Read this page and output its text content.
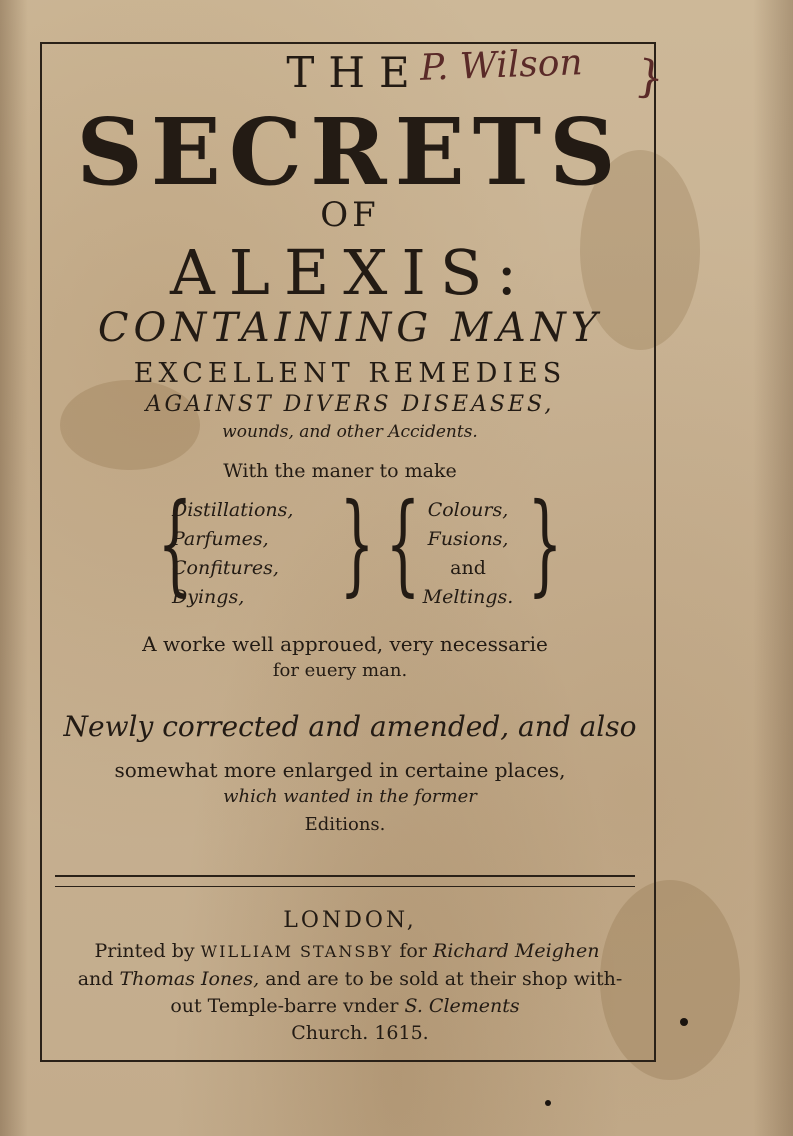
THE
P. Wilson }
SECRETS
OF
ALEXIS:
CONTAINING MANY
EXCELLENT REMEDIES
AGAINST DIVERS DISEASES,
wounds, and other Accidents.
With the maner to make
{
Distillations,
Parfumes,
Confitures,
Dyings, } { Colours,
Fusions,
and
Meltings. }
A worke well approued, very necessarie
for euery man.
Newly corrected and amended, and also
somewhat more enlarged in certaine places,
which wanted in the former
Editions.
LONDON,
Printed by WILLIAM STANSBY for Richard Meighen
and Thomas Iones, and are to be sold at their shop with-
out Temple-barre vnder S. Clements
Church. 1615.
